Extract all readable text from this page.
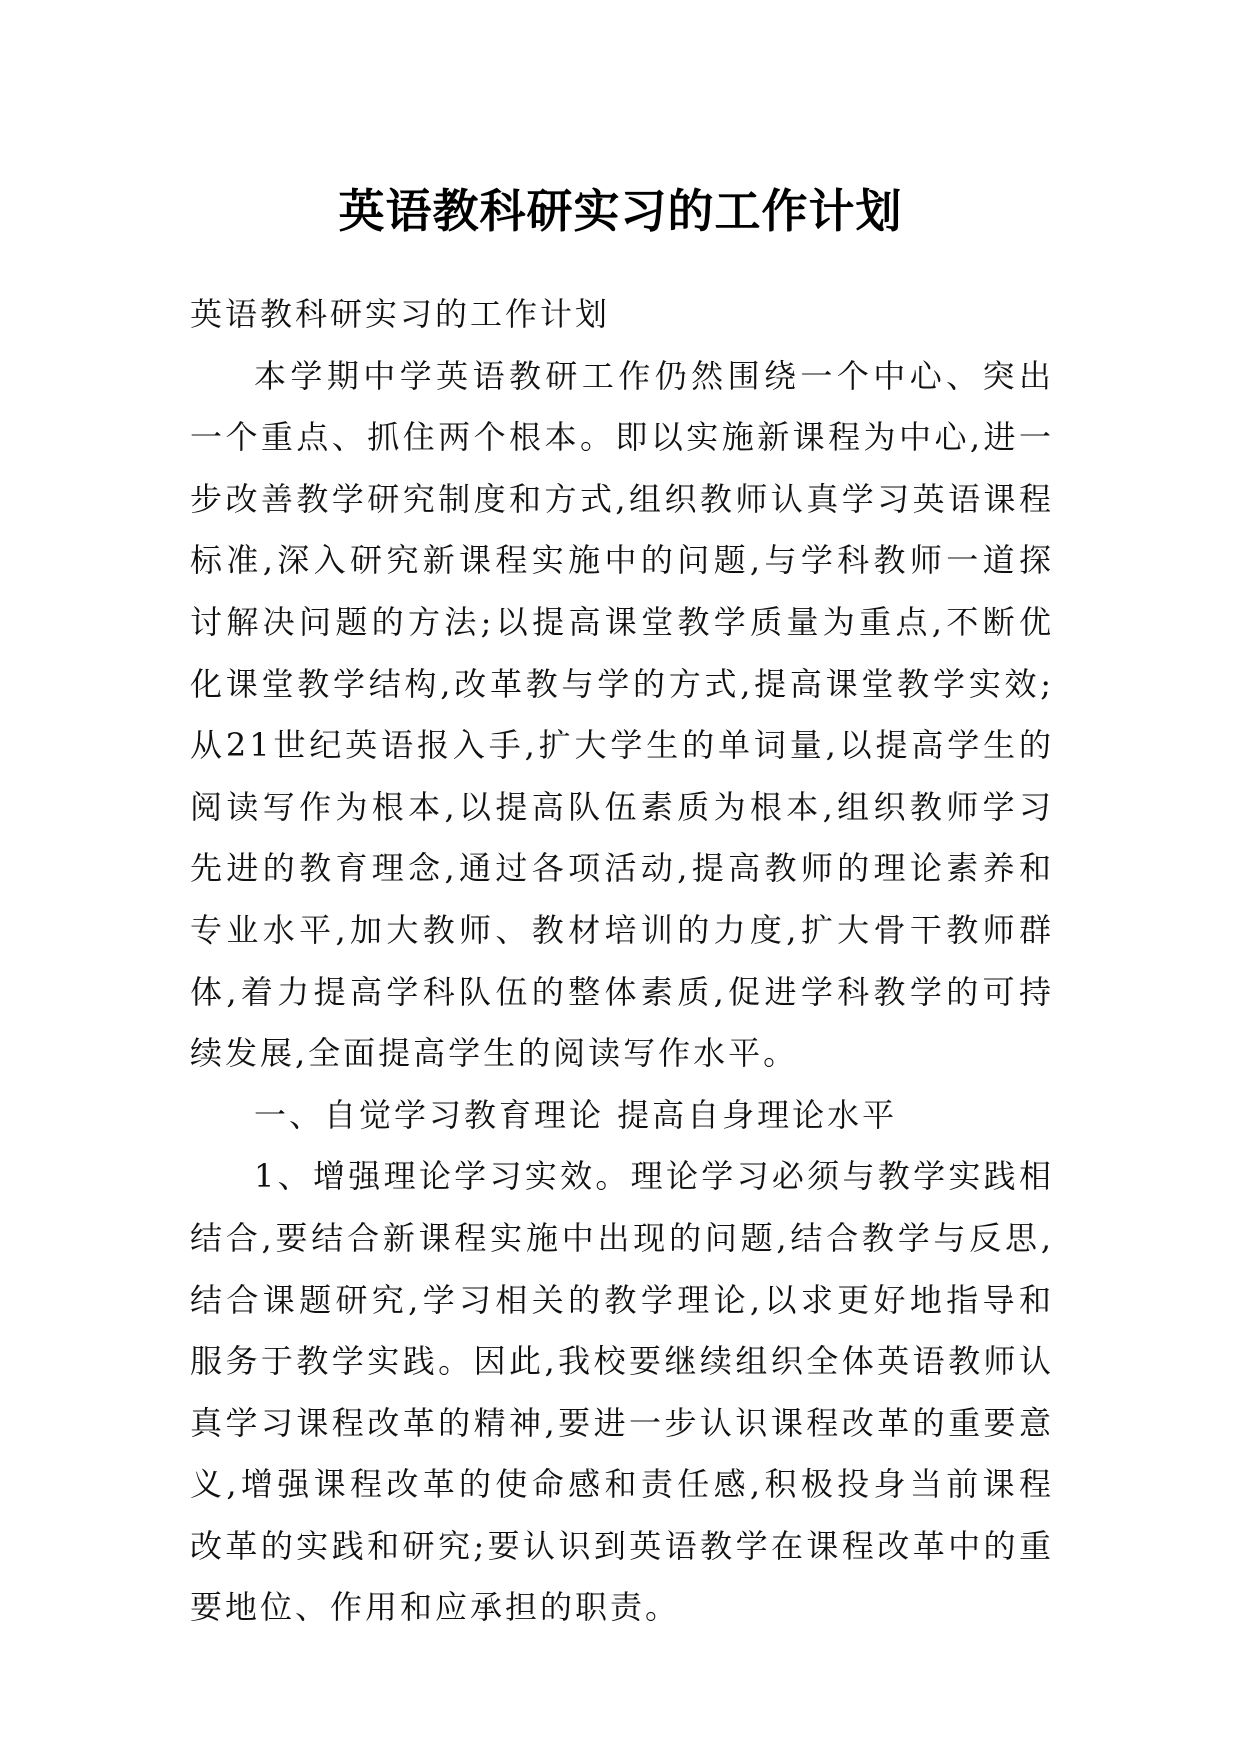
英语教科研实习的工作计划

英语教科研实习的工作计划

本学期中学英语教研工作仍然围绕一个中心、突出一个重点、抓住两个根本。即以实施新课程为中心,进一步改善教学研究制度和方式,组织教师认真学习英语课程标准,深入研究新课程实施中的问题,与学科教师一道探讨解决问题的方法;以提高课堂教学质量为重点,不断优化课堂教学结构,改革教与学的方式,提高课堂教学实效;从21世纪英语报入手,扩大学生的单词量,以提高学生的阅读写作为根本,以提高队伍素质为根本,组织教师学习先进的教育理念,通过各项活动,提高教师的理论素养和专业水平,加大教师、教材培训的力度,扩大骨干教师群体,着力提高学科队伍的整体素质,促进学科教学的可持续发展,全面提高学生的阅读写作水平。

一、自觉学习教育理论 提高自身理论水平

1、增强理论学习实效。理论学习必须与教学实践相结合,要结合新课程实施中出现的问题,结合教学与反思,结合课题研究,学习相关的教学理论,以求更好地指导和服务于教学实践。因此,我校要继续组织全体英语教师认真学习课程改革的精神,要进一步认识课程改革的重要意义,增强课程改革的使命感和责任感,积极投身当前课程改革的实践和研究;要认识到英语教学在课程改革中的重要地位、作用和应承担的职责。
